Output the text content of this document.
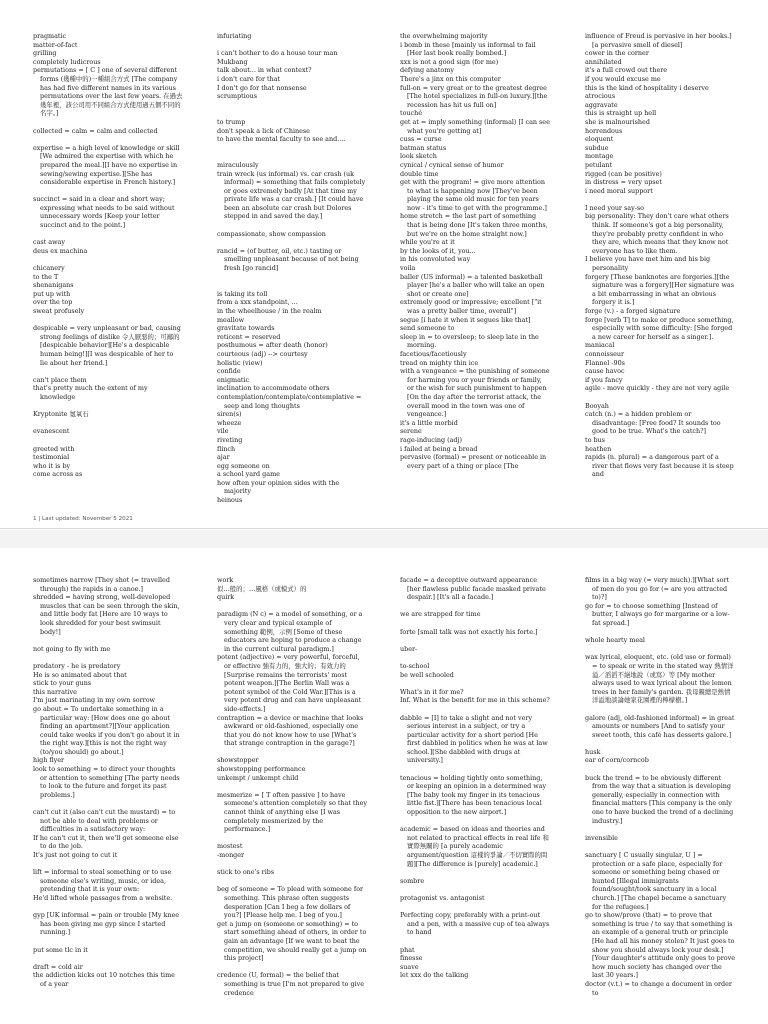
pragmatic

matter-of-fact

grilling

completely ludicrous

permutations = [ C ] one of several different forms (幾種中的)一種組合方式 [The company has had five different names in its various permutations over the last few years. 在過去幾年裡，該公司用不同組合方式使用過五個不同的名字。]

collected = calm = calm and collected

expertise = a high level of knowledge or skill [We admired the expertise with which he prepared the meal.][I have no expertise in sewing/sewing expertise.][She has considerable expertise in French history.]

succinct = said in a clear and short way; expressing what needs to be said without unnecessary words [Keep your letter succinct and to the point.]

cast away

deus ex machina

chicanery

to the T

shenanigans

put up with

over the top

sweat profusely

despicable = very unpleasant or bad, causing strong feelings of dislike 令人厭惡的；可鄙的 [despicable behavior][He's a despicable human being!][I was despicable of her to lie about her friend.]

can't place them

that's pretty much the extent of my knowledge

Kryptonite 氪氧石

evanescent

greeted with

testimonial

who it is by

come across as

infuriating

i can't bother to do a house tour man

Mukbang

talk about... in what context?

i don't care for that

I don't go for that nonsense

scrumptious

to trump

don't speak a lick of Chinese

to have the mental faculty to see and....

miraculously

train wreck (us informal) vs. car crash (uk informal) = something that fails completely or goes extremely badly [At that time my private life was a car crash.] [It could have been an absolute car crash but Dolores stepped in and saved the day.]

compassionate, show compassion

rancid = (of butter, oil, etc.) tasting or smelling unpleasant because of not being fresh [go rancid]

is taking its toll

from a xxx standpoint, ...

in the wheelhouse / in the realm

meallow

gravitate towards

reticent = reserved

posthumous = after death (honor)

courteous (adj) --> courtesy

holistic (view)

confide

enigmatic

inclination to accommodate others

contemplation/contemplate/contemplative = seep and long thoughts

siren(s)

wheeze

vile

riveting

flinch

ajar

egg someone on

a school yard game

how often your opinion sides with the majority

heinous

the overwhelming majority

i bomb in these [mainly us informal to fail [Her last book really bombed.]

xxx is not a good sign (for me)

defying anatomy

There's a jinx on this computer

full-on = very great or to the greatest degree [The hotel specializes in full-on luxury.][the recession has hit us full on]

touché

get at = imply something (informal) [I can see what you're getting at]

cuss = curse

batman status

look sketch

cynical / cynical sense of humor

double time

get with the program! = give more attention to what is happening now [They've been playing the same old music for ten years now - it's time to get with the programme.]

home stretch = the last part of something that is being done [It's taken three months, but we're on the home straight now.]

while you're at it

by the looks of it, you...

in his convoluted way

voila

baller (US informal) = a talented basketball player [he's a baller who will take an open shot or create one]

extremely good or impressive; excellent ["it was a pretty baller time, overall"]

segue [i hate it when it segues like that]

send someone to

sleep in = to oversleep; to sleep late in the morning.

facetious/facetiously

tread on mighty thin ice

with a vengeance = the punishing of someone for harming you or your friends or family, or the wish for such punishment to happen [On the day after the terrorist attack, the overall mood in the town was one of vengeance.]

it's a little morbid

serene

rage-inducing (adj)

i failed at being a bread

pervasive (formal) = present or noticeable in every part of a thing or place [The

influence of Freud is pervasive in her books.][a pervasive smell of diesel]

cower in the corner

annihilated

it's a full crowd out there

if you would excuse me

this is the kind of hospitality i deserve

atrocious

aggravate

this is straight up hell

she is malnourished

horrendous

eloquent

subdue

montage

petulant

rigged (can be positive)

in distress = very upset

i need moral support

I need your say-so

big personality: They don't care what others think. If someone's got a big personality, they're probably pretty confident in who they are, which means that they know not everyone has to like them.

I believe you have met him and his big personality

forgery [These banknotes are forgeries.][the signature was a forgery][Her signature was a bit embarrassing in what an obvious forgery it is.]

forge (v.) - a forged signature

forge [verb T] to make or produce something, especially with some difficulty: [She forged a new career for herself as a singer.].

maniacal

connoisseur

Flannel -90s

cause havoc

if you fancy

agile - move quickly - they are not very agile

Booyah

catch (n.) = a hidden problem or disadvantage: [Free food? It sounds too good to be true. What's the catch?]

to bus

heathen

rapids (n. plural) = a dangerous part of a river that flows very fast because it is steep and

1 | Last updated: November 5 2021

sometimes narrow [They shot (= travelled through) the rapids in a canoe.]

shredded = having strong, well-developed muscles that can be seen through the skin, and little body fat [Here are 10 ways to look shredded for your best swimsuit body!]

not going to fly with me

predatory - he is predatory

He is so animated about that

stick to your guns

this narrative

I'm just marinating in my own sorrow

go about = To undertake something in a particular way: [How does one go about finding an apartment?][Your application could take weeks if you don't go about it in the right way.][this is not the right way (to/you should) go about.]

high flyer

look to something = to direct your thoughts or attention to something [The party needs to look to the future and forget its past problems.]

can't cut it (also can't cut the mustard) = to not be able to deal with problems or difficulties in a satisfactory way:

If he can't cut it, then we'll get someone else to do the job.

It's just not going to cut it

lift = informal to steal something or to use someone else's writing, music, or idea, pretending that it is your own:

He'd lifted whole passages from a website.

gyp [UK informal = pain or trouble [My knee has been giving me gyp since I started running.]

put some tlc in it

draft = cold air

the addiction kicks out 10 notches this time of a year

work

似…般的；…風格（或模式）的

quirk

paradigm (N c) = a model of something, or a very clear and typical example of something 範例，示例 [Some of these educators are hoping to produce a change in the current cultural paradigm.]

potent (adjective) = very powerful, forceful, or effective 強有力的，強大的；有效力的 [Surprise remains the terrorists' most potent weapon.][The Berlin Wall was a potent symbol of the Cold War.][This is a very potent drug and can have unpleasant side-effects.]

contraption = a device or machine that looks awkward or old-fashioned, especially one that you do not know how to use [What's that strange contraption in the garage?]

showstopper

showstopping performance

unkempt / unkempt child

mesmerize = [ T often passive ] to have someone's attention completely so that they cannot think of anything else [I was completely mesmerized by the performance.]

mostest

-monger

stick to one's ribs

beg of someone = To plead with someone for something. This phrase often suggests desperation [Can I beg a few dollars of you?] [Please help me. I beg of you.]

get a jump on (someone or something) = to start something ahead of others, in order to gain an advantage [If we want to beat the competition, we should really get a jump on this project]

credence (U, formal) = the belief that something is true [I'm not prepared to give credence

facade = a deceptive outward appearance [her flawless public facade masked private despair.] [It's all a facade.]

we are strapped for time

forte [small talk was not exactly his forte.]

uber-

to-school

be well schooled

What's in it for me?

Inf. What is the benefit for me in this scheme?

dabble = [I] to take a slight and not very serious interest in a subject, or try a particular activity for a short period [He first dabbled in politics when he was at law school.][She dabbled with drugs at university.]

tenacious = holding tightly onto something, or keeping an opinion in a determined way [The baby took my finger in its tenacious little fist.][There has been tenacious local opposition to the new airport.]

academic = based on ideas and theories and not related to practical effects in real life 和實際無關的 [a purely academic argument/question 這樣的爭論／不切實際的問題][The difference is [purely] academic.]

sombre

protagonist vs. antagonist

Perfecting copy, preferably with a print-out and a pen, with a massive cup of tea always to hand

phat

finesse

suave

let xxx do the talking

films in a big way (= very much).][What sort of men do you go for (= are you attracted to)?]

go for = to choose something [Instead of butter, I always go for margarine or a low-fat spread.]

whole hearty meal

wax lyrical, eloquent, etc. (old use or formal) = to speak or write in the stated way 熱情洋溢／滔滔不絕地說（或寫）等 [My mother always used to wax lyrical about the lemon trees in her family's garden. 我母親總是熱情洋溢地談論她家花園裡的檸檬樹。]

galore (adj, old-fashioned informal) = in great amounts or numbers [And to satisfy your sweet tooth, this café has desserts galore.]

husk

ear of corn/corncob

buck the trend = to be obviously different from the way that a situation is developing generally, especially in connection with financial matters [This company is the only one to have bucked the trend of a declining industry.]

invensible

sanctuary [ C usually singular, U ] = protection or a safe place, especially for someone or something being chased or hunted [Illegal immigrants found/sought/took sanctuary in a local church.] [The chapel became a sanctuary for the refugees.]

go to show/prove (that) = to prove that something is true / to say that something is an example of a general truth or principle [He had all his money stolen? It just goes to show you should always lock your desk.][Your daughter's attitude only goes to prove how much society has changed over the last 30 years.]

doctor (v.t.) = to change a document in order to
